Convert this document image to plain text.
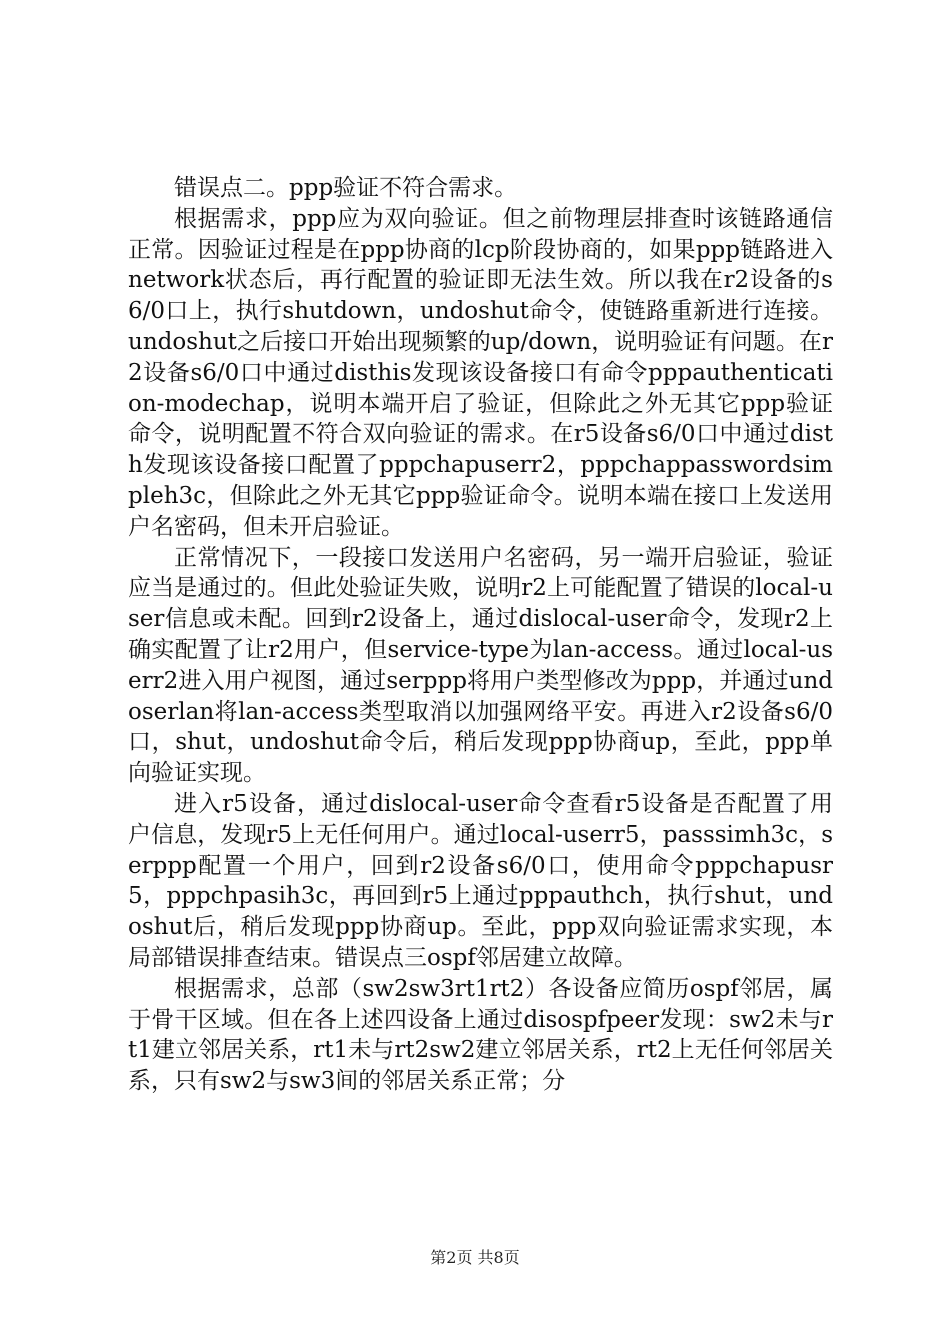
错误点二。ppp验证不符合需求。

根据需求，ppp应为双向验证。但之前物理层排查时该链路通信正常。因验证过程是在ppp协商的lcp阶段协商的，如果ppp链路进入network状态后，再行配置的验证即无法生效。所以我在r2设备的s6/0口上，执行shutdown，undoshut命令，使链路重新进行连接。undoshut之后接口开始出现频繁的up/down，说明验证有问题。在r2设备s6/0口中通过disthis发现该设备接口有命令pppauthentication-modechap，说明本端开启了验证，但除此之外无其它ppp验证命令，说明配置不符合双向验证的需求。在r5设备s6/0口中通过disth发现该设备接口配置了pppchapuserr2，pppchappasswordsimpleh3c，但除此之外无其它ppp验证命令。说明本端在接口上发送用户名密码，但未开启验证。

正常情况下，一段接口发送用户名密码，另一端开启验证，验证应当是通过的。但此处验证失败，说明r2上可能配置了错误的local-user信息或未配。回到r2设备上，通过dislocal-user命令，发现r2上确实配置了让r2用户，但service-type为lan-access。通过local-userr2进入用户视图，通过serppp将用户类型修改为ppp，并通过undoserlan将lan-access类型取消以加强网络平安。再进入r2设备s6/0口，shut，undoshut命令后，稍后发现ppp协商up，至此，ppp单向验证实现。

进入r5设备，通过dislocal-user命令查看r5设备是否配置了用户信息，发现r5上无任何用户。通过local-userr5，passsimh3c，serppp配置一个用户，回到r2设备s6/0口，使用命令pppchapusr5，pppchpasih3c，再回到r5上通过pppauthch，执行shut，undoshut后，稍后发现ppp协商up。至此，ppp双向验证需求实现，本局部错误排查结束。错误点三ospf邻居建立故障。

根据需求，总部（sw2sw3rt1rt2）各设备应简历ospf邻居，属于骨干区域。但在各上述四设备上通过disospfpeer发现：sw2未与rt1建立邻居关系，rt1未与rt2sw2建立邻居关系，rt2上无任何邻居关系，只有sw2与sw3间的邻居关系正常；分

第2页 共8页
